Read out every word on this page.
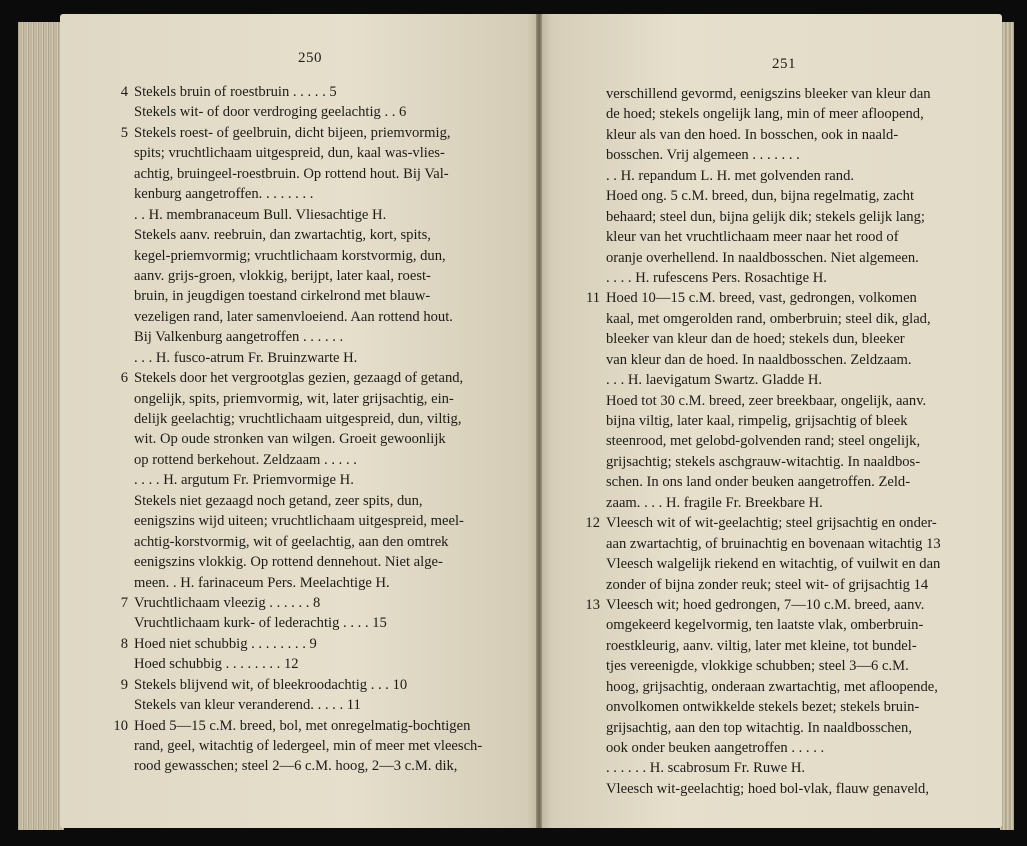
250
4 Stekels bruin of roestbruin . . . . . 5
Stekels wit- of door verdroging geelachtig . . 6
5 Stekels roest- of geelbruin, dicht bijeen, priemvormig,
spits; vruchtlichaam uitgespreid, dun, kaal was-vlies-
achtig, bruingeel-roestbruin. Op rottend hout. Bij Val-
kenburg aangetroffen. . . . . . . .
. . H. membranaceum Bull. Vliesachtige H.
Stekels aanv. reebruin, dan zwartachtig, kort, spits,
kegel-priemvormig; vruchtlichaam korstvormig, dun,
aanv. grijs-groen, vlokkig, berijpt, later kaal, roest-
bruin, in jeugdigen toestand cirkelrond met blauw-
vezeligen rand, later samenvloeiend. Aan rottend hout.
Bij Valkenburg aangetroffen . . . . . .
. . . H. fusco-atrum Fr. Bruinzwarte H.
6 Stekels door het vergrootglas gezien, gezaagd of getand,
ongelijk, spits, priemvormig, wit, later grijsachtig, ein-
delijk geelachtig; vruchtlichaam uitgespreid, dun, viltig,
wit. Op oude stronken van wilgen. Groeit gewoonlijk
op rottend berkehout. Zeldzaam . . . . .
. . . . H. argutum Fr. Priemvormige H.
Stekels niet gezaagd noch getand, zeer spits, dun,
eenigszins wijd uiteen; vruchtlichaam uitgespreid, meel-
achtig-korstvormig, wit of geelachtig, aan den omtrek
eenigszins vlokkig. Op rottend dennehout. Niet alge-
meen. . H. farinaceum Pers. Meelachtige H.
7 Vruchtlichaam vleezig . . . . . . 8
Vruchtlichaam kurk- of lederachtig . . . . 15
8 Hoed niet schubbig . . . . . . . . 9
Hoed schubbig . . . . . . . . 12
9 Stekels blijvend wit, of bleekroodachtig . . . 10
Stekels van kleur veranderend. . . . . 11
10 Hoed 5—15 c.M. breed, bol, met onregelmatig-bochtigen
rand, geel, witachtig of ledergeel, min of meer met vleesch-
rood gewasschen; steel 2—6 c.M. hoog, 2—3 c.M. dik,
251
verschillend gevormd, eenigszins bleeker van kleur dan
de hoed; stekels ongelijk lang, min of meer afloopend,
kleur als van den hoed. In bosschen, ook in naald-
bosschen. Vrij algemeen . . . . . . .
. . H. repandum L. H. met golvenden rand.
Hoed ong. 5 c.M. breed, dun, bijna regelmatig, zacht
behaard; steel dun, bijna gelijk dik; stekels gelijk lang;
kleur van het vruchtlichaam meer naar het rood of
oranje overhellend. In naaldbosschen. Niet algemeen.
. . . . H. rufescens Pers. Rosachtige H.
11 Hoed 10—15 c.M. breed, vast, gedrongen, volkomen
kaal, met omgerolden rand, omberbruin; steel dik, glad,
bleeker van kleur dan de hoed; stekels dun, bleeker
van kleur dan de hoed. In naaldbosschen. Zeldzaam.
. . . H. laevigatum Swartz. Gladde H.
Hoed tot 30 c.M. breed, zeer breekbaar, ongelijk, aanv.
bijna viltig, later kaal, rimpelig, grijsachtig of bleek
steenrood, met gelobd-golvenden rand; steel ongelijk,
grijsachtig; stekels aschgrauw-witachtig. In naaldbos-
schen. In ons land onder beuken aangetroffen. Zeld-
zaam. . . . H. fragile Fr. Breekbare H.
12 Vleesch wit of wit-geelachtig; steel grijsachtig en onder-
aan zwartachtig, of bruinachtig en bovenaan witachtig 13
Vleesch walgelijk riekend en witachtig, of vuilwit en dan
zonder of bijna zonder reuk; steel wit- of grijsachtig 14
13 Vleesch wit; hoed gedrongen, 7—10 c.M. breed, aanv.
omgekeerd kegelvormig, ten laatste vlak, omberbruin-
roestkleurig, aanv. viltig, later met kleine, tot bundel-
tjes vereenigde, vlokkige schubben; steel 3—6 c.M.
hoog, grijsachtig, onderaan zwartachtig, met afloopende,
onvolkomen ontwikkelde stekels bezet; stekels bruin-
grijsachtig, aan den top witachtig. In naaldbosschen,
ook onder beuken aangetroffen . . . . .
. . . . . . H. scabrosum Fr. Ruwe H.
Vleesch wit-geelachtig; hoed bol-vlak, flauw genaveld,
